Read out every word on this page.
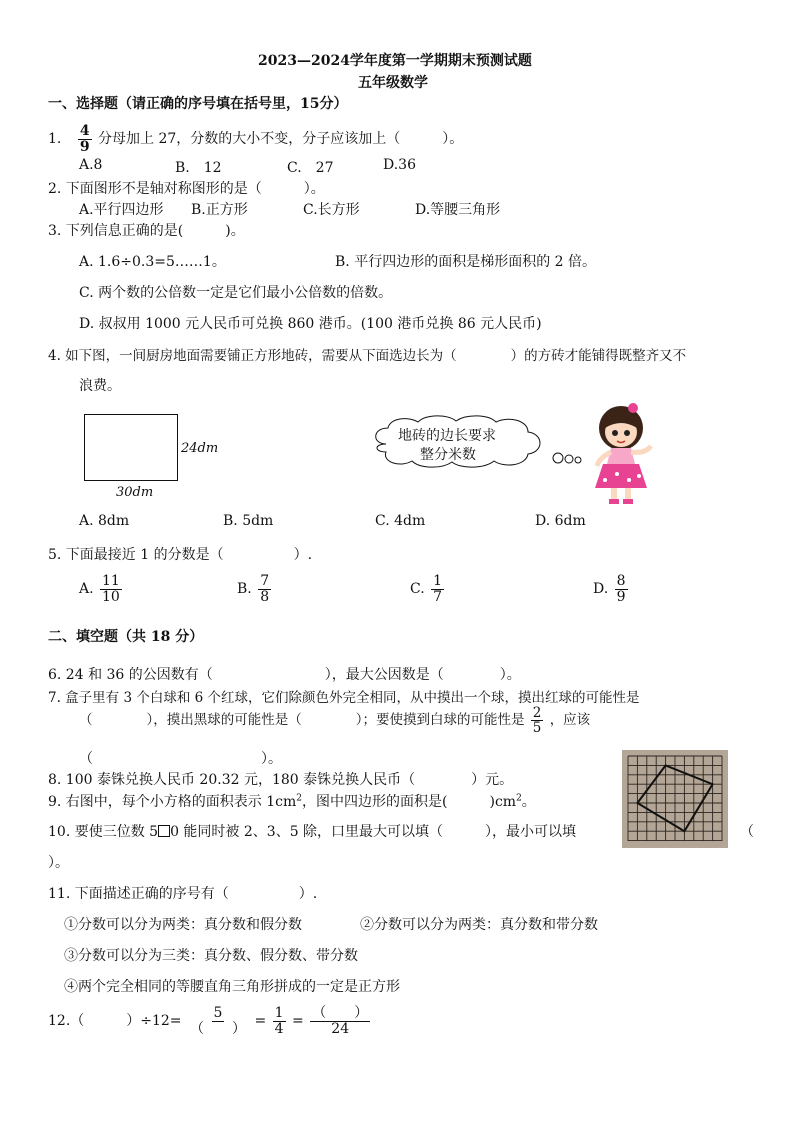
2023—2024学年度第一学期期末预测试题
五年级数学
一、选择题（请正确的序号填在括号里，15分）
1. $\frac{4}{9}$ 分母加上 27，分数的大小不变，分子应该加上（　　　）。
A.8	B.　12	C.　27	D.36
2. 下面图形不是轴对称图形的是（　　　）。
A.平行四边形 B.正方形	C.长方形	D.等腰三角形
3. 下列信息正确的是(　　　)。
A. 1.6÷0.3=5……1。	B. 平行四边形的面积是梯形面积的 2 倍。
C. 两个数的公倍数一定是它们最小公倍数的倍数。
D. 叔叔用 1000 元人民币可兑换 860 港币。(100 港币兑换 86 元人民币)
4. 如下图，一间厨房地面需要铺正方形地砖，需要从下面选边长为（　　　　）的方砖才能铺得既整齐又不
浪费。
24dm
30dm
地砖的边长要求
整分米数
A. 8dm	B. 5dm	C. 4dm	D. 6dm
5. 下面最接近 1 的分数是（　　　　　）.
A. $\frac{11}{10}$	B. $\frac{7}{8}$	C. $\frac{1}{7}$	D. $\frac{8}{9}$
二、填空题（共 18 分）
6. 24 和 36 的公因数有（　　　　　　　　），最大公因数是（　　　　）。
7. 盒子里有 3 个白球和 6 个红球，它们除颜色外完全相同，从中摸出一个球，摸出红球的可能性是
（　　　　），摸出黑球的可能性是（　　　　）；要使摸到白球的可能性是 $\frac{2}{5}$ ，应该
（　　　　　　　　　　　　）。
8. 100 泰铢兑换人民币 20.32 元，180 泰铢兑换人民币（　　　　）元。
9. 右图中，每个小方格的面积表示 $1cm^2$，图中四边形的面积是(　　　)$cm^2$。
10. 要使三位数 5 0 能同时被 2、3、5 除，口里最大可以填（　　　），最小可以填	（
）。
11. 下面描述正确的序号有（　　　　　）.
①分数可以分为两类：真分数和假分数	②分数可以分为两类：真分数和带分数
③分数可以分为三类：真分数、假分数、带分数
④两个完全相同的等腰直角三角形拼成的一定是正方形
12.（　　　）$\div 12= \frac{5}{( )} = \frac{1}{4} = \frac{( )}{24}$
